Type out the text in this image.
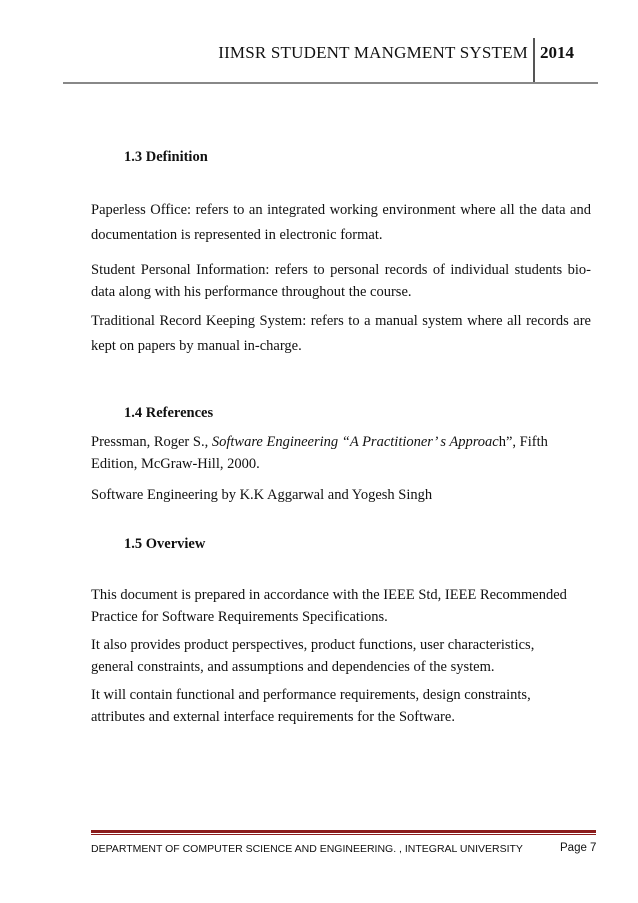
IIMSR STUDENT MANGMENT SYSTEM 2014
1.3 Definition
Paperless Office: refers to an integrated working environment where all the data and documentation is represented in electronic format.
Student Personal Information: refers to personal records of individual students bio-data along with his performance throughout the course.
Traditional Record Keeping System: refers to a manual system where all records are kept on papers by manual in-charge.
1.4 References
Pressman, Roger S., Software Engineering “A Practitioner’ s Approach”, Fifth Edition, McGraw-Hill, 2000.
Software Engineering by K.K Aggarwal and Yogesh Singh
1.5 Overview
This document is prepared in accordance with the IEEE Std, IEEE Recommended Practice for Software Requirements Specifications.
It also provides product perspectives, product functions, user characteristics, general constraints, and assumptions and dependencies of the system.
It will contain functional and performance requirements, design constraints, attributes and external interface requirements for the Software.
DEPARTMENT OF COMPUTER SCIENCE AND ENGINEERING. , INTEGRAL UNIVERSITY	Page 7
